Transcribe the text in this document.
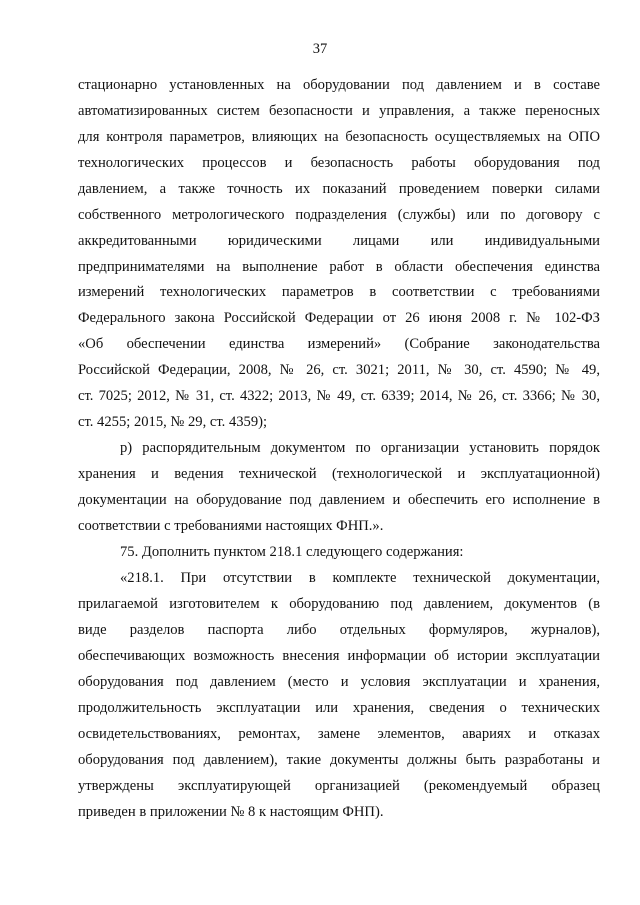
37
стационарно установленных на оборудовании под давлением и в составе
автоматизированных систем безопасности и управления, а также переносных
для контроля параметров, влияющих на безопасность осуществляемых на ОПО
технологических процессов и безопасность работы оборудования под
давлением, а также точность их показаний проведением поверки силами
собственного метрологического подразделения (службы) или по договору с
аккредитованными юридическими лицами или индивидуальными
предпринимателями на выполнение работ в области обеспечения единства
измерений технологических параметров в соответствии с требованиями
Федерального закона Российской Федерации от 26 июня 2008 г. № 102-ФЗ
«Об обеспечении единства измерений» (Собрание законодательства
Российской Федерации, 2008, № 26, ст. 3021; 2011, № 30, ст. 4590; № 49,
ст. 7025; 2012, № 31, ст. 4322; 2013, № 49, ст. 6339; 2014, № 26, ст. 3366; № 30,
ст. 4255; 2015, № 29, ст. 4359);
р) распорядительным документом по организации установить порядок
хранения и ведения технической (технологической и эксплуатационной)
документации на оборудование под давлением и обеспечить его исполнение в
соответствии с требованиями настоящих ФНП.».
75. Дополнить пунктом 218.1 следующего содержания:
«218.1. При отсутствии в комплекте технической документации,
прилагаемой изготовителем к оборудованию под давлением, документов (в
виде разделов паспорта либо отдельных формуляров, журналов),
обеспечивающих возможность внесения информации об истории эксплуатации
оборудования под давлением (место и условия эксплуатации и хранения,
продолжительность эксплуатации или хранения, сведения о технических
освидетельствованиях, ремонтах, замене элементов, авариях и отказах
оборудования под давлением), такие документы должны быть разработаны и
утверждены эксплуатирующей организацией (рекомендуемый образец
приведен в приложении № 8 к настоящим ФНП).
